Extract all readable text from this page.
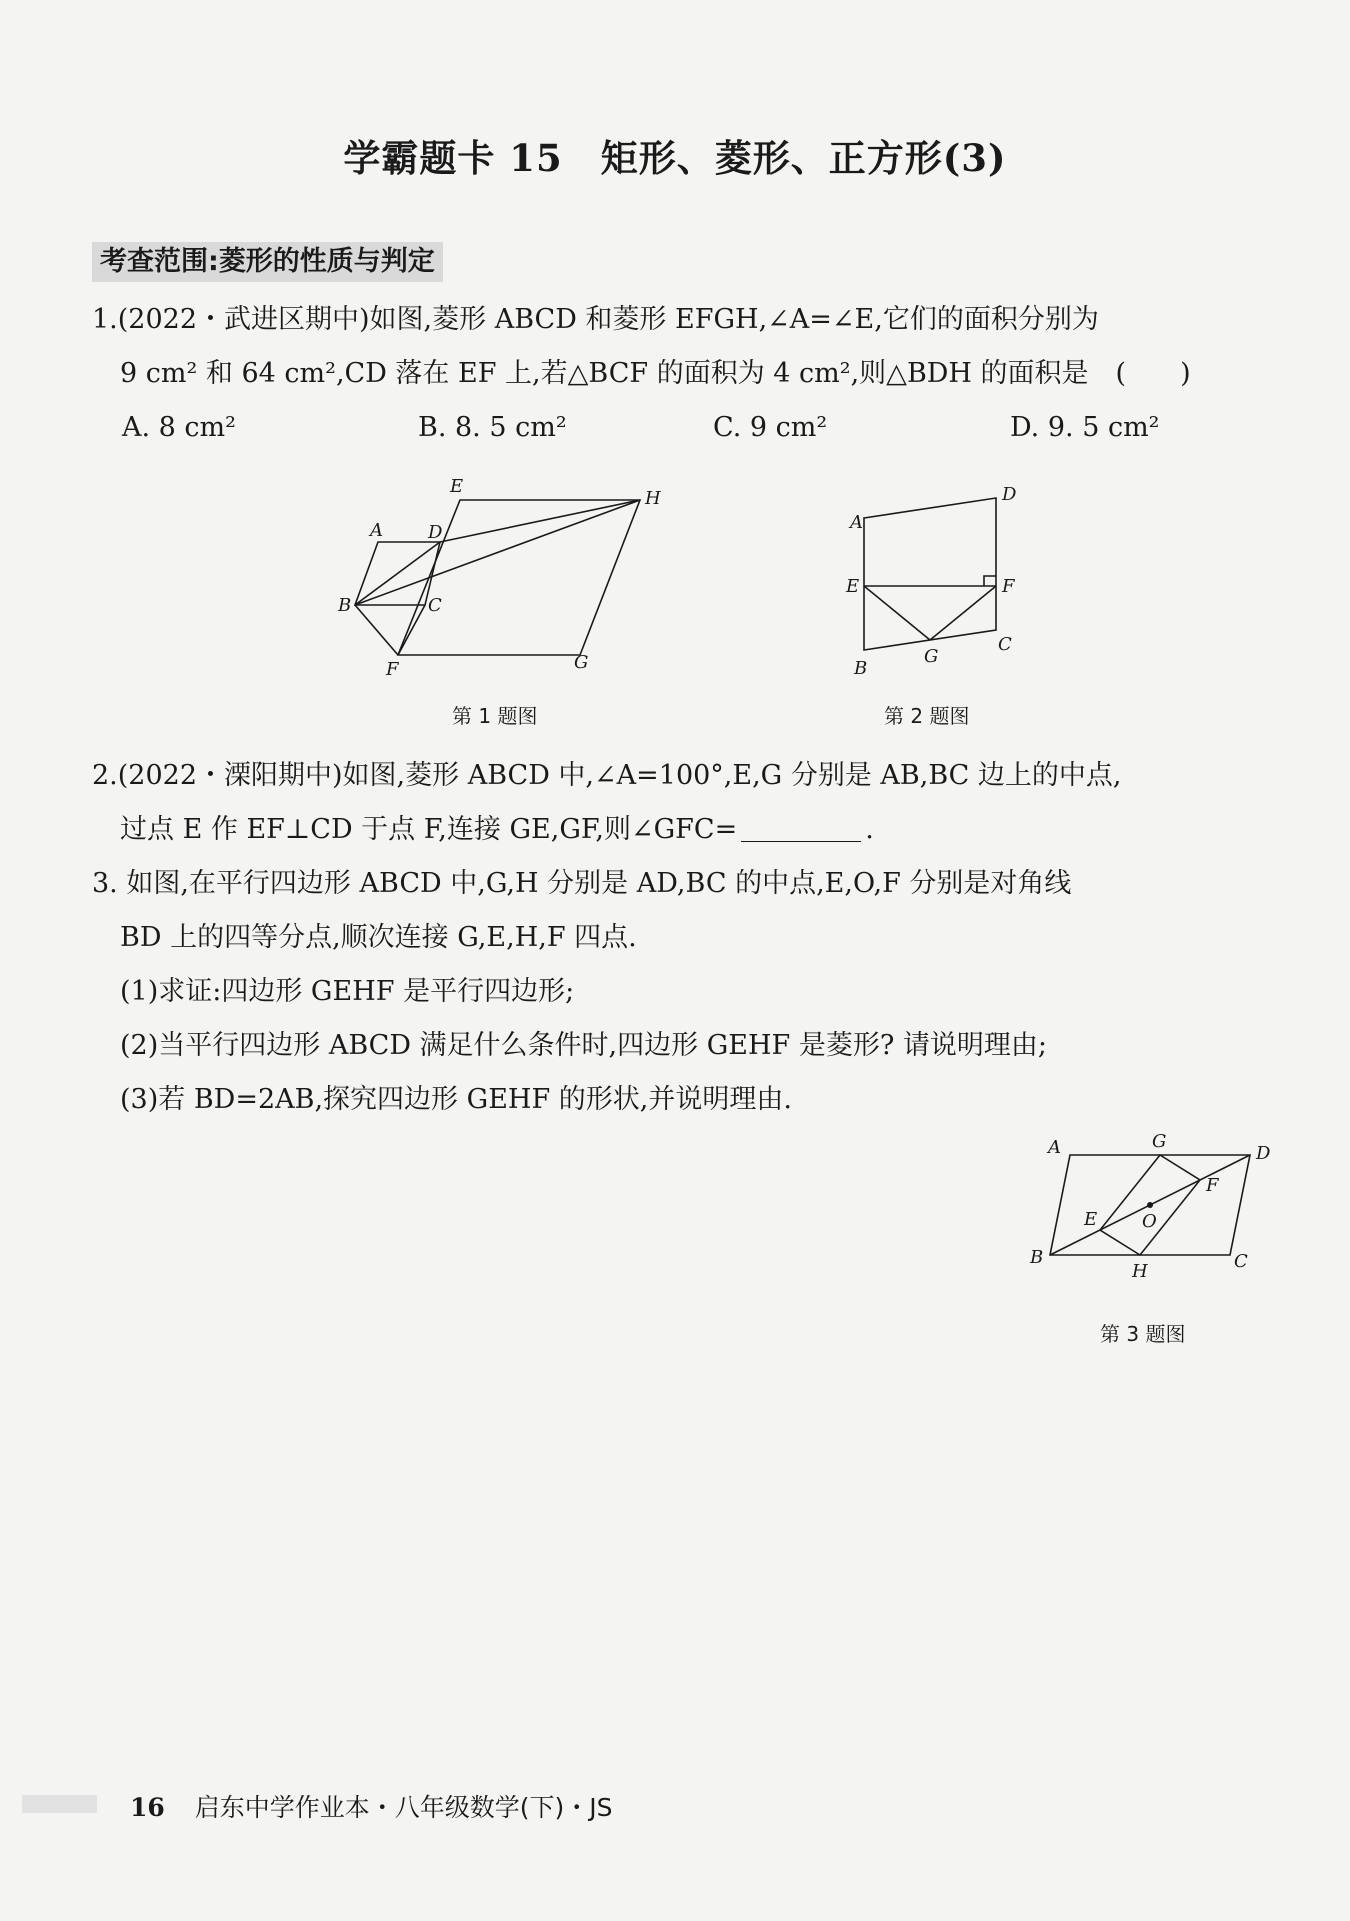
学霸题卡 15　矩形、菱形、正方形(3)
考查范围:菱形的性质与判定
1.(2022・武进区期中)如图,菱形 ABCD 和菱形 EFGH,∠A=∠E,它们的面积分别为
9 cm² 和 64 cm²,CD 落在 EF 上,若△BCF 的面积为 4 cm²,则△BDH 的面积是　(　　)
A. 8 cm²	B. 8. 5 cm²	C. 9 cm²	D. 9. 5 cm²
E
H
A	D
B	C
F	G
第 1 题图
A
D
E	F
G
C
B
第 2 题图
2.(2022・溧阳期中)如图,菱形 ABCD 中,∠A=100°,E,G 分别是 AB,BC 边上的中点,
过点 E 作 EF⊥CD 于点 F,连接 GE,GF,则∠GFC=	.
3. 如图,在平行四边形 ABCD 中,G,H 分别是 AD,BC 的中点,E,O,F 分别是对角线
BD 上的四等分点,顺次连接 G,E,H,F 四点.
(1)求证:四边形 GEHF 是平行四边形;
(2)当平行四边形 ABCD 满足什么条件时,四边形 GEHF 是菱形? 请说明理由;
(3)若 BD=2AB,探究四边形 GEHF 的形状,并说明理由.
A	G
D
F
E O
B
H	C
第 3 题图
16 启东中学作业本・八年级数学(下)・JS
